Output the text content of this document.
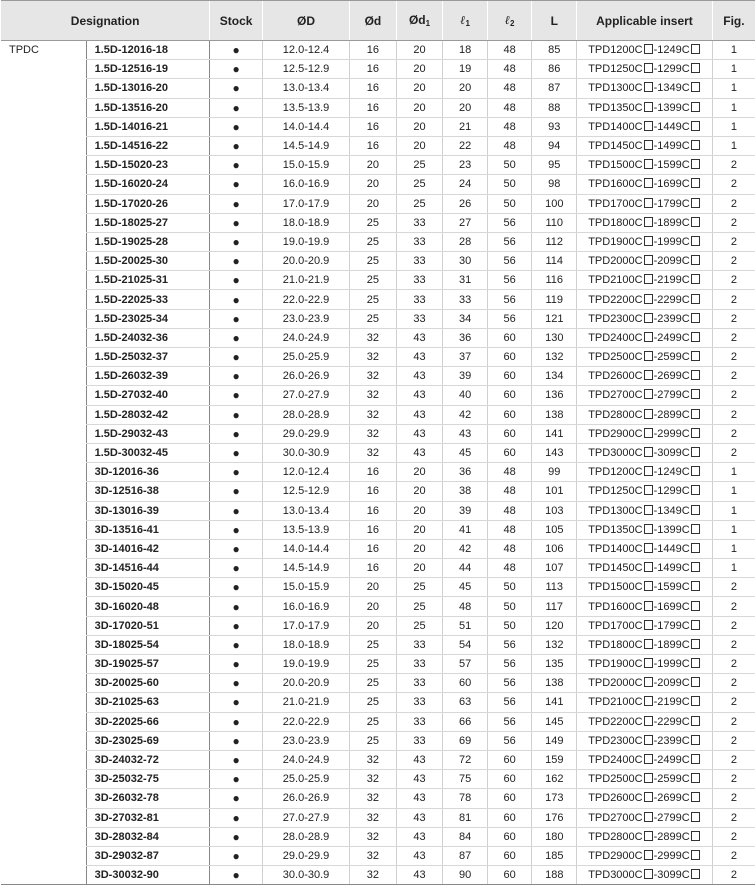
Designation		Stock	ØD	Ød	$Ød_1$	ℓ$_1$	ℓ$_2$	L	Applicable insert	Fig.
TPDC	1.5D-12016-18	●	12.0-12.4	16	20	18	48	85	TPD1200C -1249C	1
	1.5D-12516-19	●	12.5-12.9	16	20	19	48	86	TPD1250C -1299C	1
	1.5D-13016-20	●	13.0-13.4	16	20	20	48	87	TPD1300C -1349C	1
	1.5D-13516-20	●	13.5-13.9	16	20	20	48	88	TPD1350C -1399C	1
	1.5D-14016-21	●	14.0-14.4	16	20	21	48	93	TPD1400C -1449C	1
	1.5D-14516-22	●	14.5-14.9	16	20	22	48	94	TPD1450C -1499C	1
	1.5D-15020-23	●	15.0-15.9	20	25	23	50	95	TPD1500C -1599C	2
	1.5D-16020-24	●	16.0-16.9	20	25	24	50	98	TPD1600C -1699C	2
	1.5D-17020-26	●	17.0-17.9	20	25	26	50	100	TPD1700C -1799C	2
	1.5D-18025-27	●	18.0-18.9	25	33	27	56	110	TPD1800C -1899C	2
	1.5D-19025-28	●	19.0-19.9	25	33	28	56	112	TPD1900C -1999C	2
	1.5D-20025-30	●	20.0-20.9	25	33	30	56	114	TPD2000C -2099C	2
	1.5D-21025-31	●	21.0-21.9	25	33	31	56	116	TPD2100C -2199C	2
	1.5D-22025-33	●	22.0-22.9	25	33	33	56	119	TPD2200C -2299C	2
	1.5D-23025-34	●	23.0-23.9	25	33	34	56	121	TPD2300C -2399C	2
	1.5D-24032-36	●	24.0-24.9	32	43	36	60	130	TPD2400C -2499C	2
	1.5D-25032-37	●	25.0-25.9	32	43	37	60	132	TPD2500C -2599C	2
	1.5D-26032-39	●	26.0-26.9	32	43	39	60	134	TPD2600C -2699C	2
	1.5D-27032-40	●	27.0-27.9	32	43	40	60	136	TPD2700C -2799C	2
	1.5D-28032-42	●	28.0-28.9	32	43	42	60	138	TPD2800C -2899C	2
	1.5D-29032-43	●	29.0-29.9	32	43	43	60	141	TPD2900C -2999C	2
	1.5D-30032-45	●	30.0-30.9	32	43	45	60	143	TPD3000C -3099C	2
	3D-12016-36	●	12.0-12.4	16	20	36	48	99	TPD1200C -1249C	1
	3D-12516-38	●	12.5-12.9	16	20	38	48	101	TPD1250C -1299C	1
	3D-13016-39	●	13.0-13.4	16	20	39	48	103	TPD1300C -1349C	1
	3D-13516-41	●	13.5-13.9	16	20	41	48	105	TPD1350C -1399C	1
	3D-14016-42	●	14.0-14.4	16	20	42	48	106	TPD1400C -1449C	1
	3D-14516-44	●	14.5-14.9	16	20	44	48	107	TPD1450C -1499C	1
	3D-15020-45	●	15.0-15.9	20	25	45	50	113	TPD1500C -1599C	2
	3D-16020-48	●	16.0-16.9	20	25	48	50	117	TPD1600C -1699C	2
	3D-17020-51	●	17.0-17.9	20	25	51	50	120	TPD1700C -1799C	2
	3D-18025-54	●	18.0-18.9	25	33	54	56	132	TPD1800C -1899C	2
	3D-19025-57	●	19.0-19.9	25	33	57	56	135	TPD1900C -1999C	2
	3D-20025-60	●	20.0-20.9	25	33	60	56	138	TPD2000C -2099C	2
	3D-21025-63	●	21.0-21.9	25	33	63	56	141	TPD2100C -2199C	2
	3D-22025-66	●	22.0-22.9	25	33	66	56	145	TPD2200C -2299C	2
	3D-23025-69	●	23.0-23.9	25	33	69	56	149	TPD2300C -2399C	2
	3D-24032-72	●	24.0-24.9	32	43	72	60	159	TPD2400C -2499C	2
	3D-25032-75	●	25.0-25.9	32	43	75	60	162	TPD2500C -2599C	2
	3D-26032-78	●	26.0-26.9	32	43	78	60	173	TPD2600C -2699C	2
	3D-27032-81	●	27.0-27.9	32	43	81	60	176	TPD2700C -2799C	2
	3D-28032-84	●	28.0-28.9	32	43	84	60	180	TPD2800C -2899C	2
	3D-29032-87	●	29.0-29.9	32	43	87	60	185	TPD2900C -2999C	2
	3D-30032-90	●	30.0-30.9	32	43	90	60	188	TPD3000C -3099C	2
